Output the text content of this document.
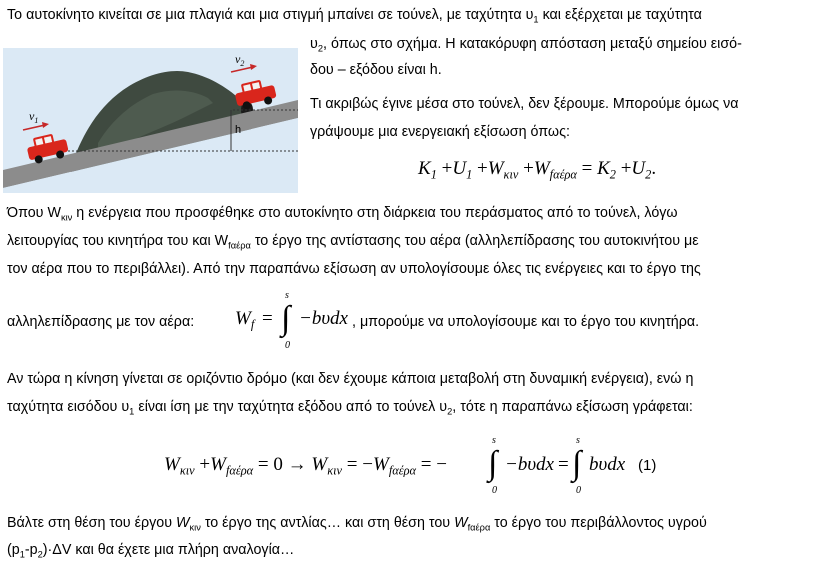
Το αυτοκίνητο κινείται σε μια πλαγιά και μια στιγμή μπαίνει σε τούνελ, με ταχύτητα $\upsilon_1$ και εξέρχεται με ταχύτητα
$\upsilon_2$, όπως στο σχήμα. Η κατακόρυφη απόσταση μεταξύ σημείου εισό-
δου – εξόδου είναι h.
Τι ακριβώς έγινε μέσα στο τούνελ, δεν ξέρουμε. Μπορούμε όμως να
γράψουμε μια ενεργειακή εξίσωση όπως:
$K_1 +U_1 +W_{\kappa\iota\nu} +W_{f\alpha έ\rho\alpha} = K_2 +U_2$.
Όπου $W_{\kappa\iota\nu}$ η ενέργεια που προσφέθηκε στο αυτοκίνητο στη διάρκεια του περάσματος από το τούνελ, λόγω
λειτουργίας του κινητήρα του και $W_{f\alpha έ\rho\alpha}$ το έργο της αντίστασης του αέρα (αλληλεπίδρασης του αυτοκινήτου με
τον αέρα που το περιβάλλει). Από την παραπάνω εξίσωση αν υπολογίσουμε όλες τις ενέργειες και το έργο της
αλληλεπίδρασης με τον αέρα: $W_f$ =
s
∫
0
−bυdx , μπορούμε να υπολογίσουμε και το έργο του κινητήρα.
Αν τώρα η κίνηση γίνεται σε οριζόντιο δρόμο (και δεν έχουμε κάποια μεταβολή στη δυναμική ενέργεια), ενώ η
ταχύτητα εισόδου $\upsilon_1$ είναι ίση με την ταχύτητα εξόδου από το τούνελ $\upsilon_2$, τότε η παραπάνω εξίσωση γράφεται:
$W_{\kappa\iota\nu} +W_{f\alpha έ\rho\alpha} = 0 \to W_{\kappa\iota\nu} = -W_{f\alpha έ\rho\alpha}$ = −
s
∫
0
−bυdx =
s
∫
0
bυdx (1)
Βάλτε στη θέση του έργου $W_{\kappa\iota\nu}$ το έργο της αντλίας… και στη θέση του $W_{f\alpha έ\rho\alpha}$ το έργο του περιβάλλοντος υγρού
$(p_1-p_2)\cdot\Delta V$ και θα έχετε μια πλήρη αναλογία…
$v_1$
$v_2$
h
